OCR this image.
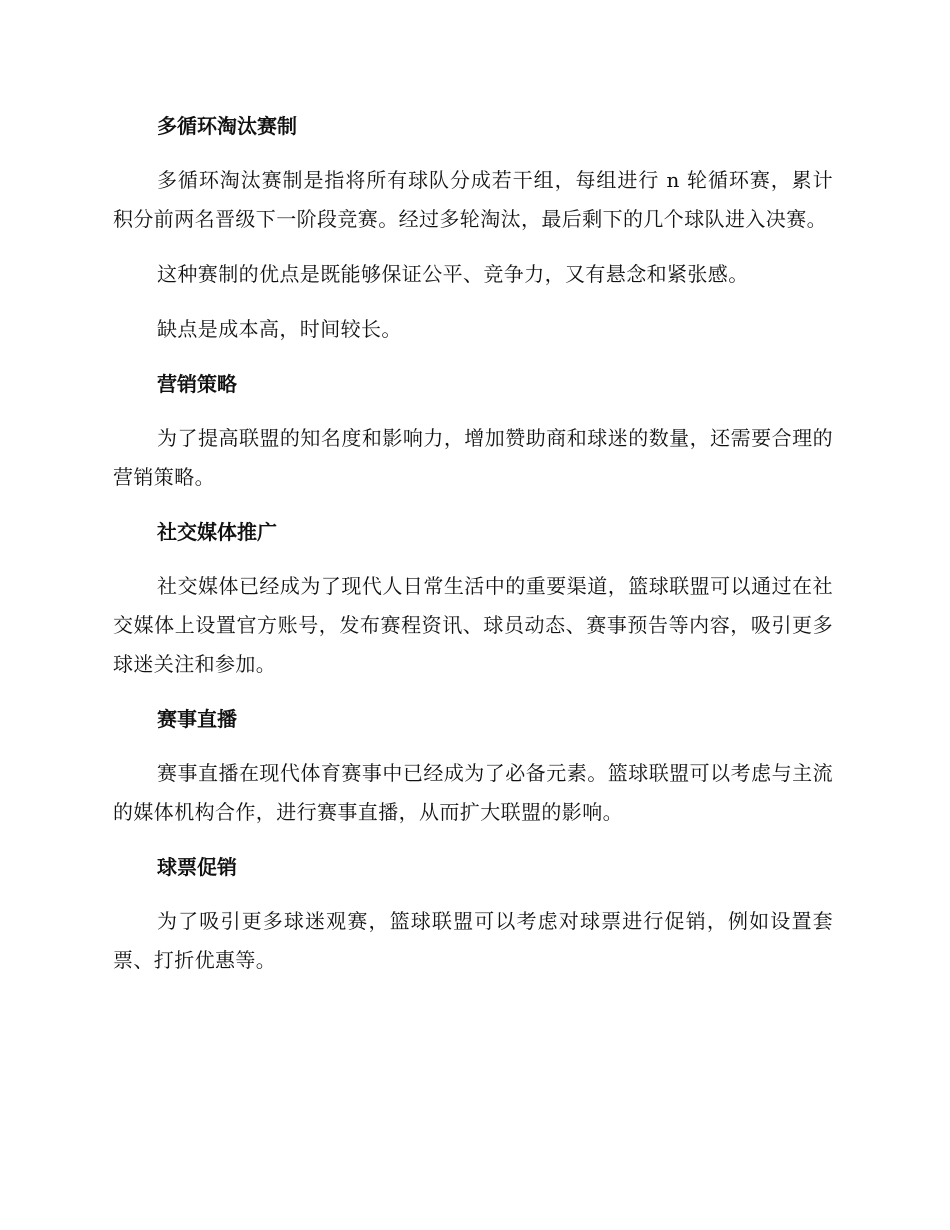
多循环淘汰赛制

多循环淘汰赛制是指将所有球队分成若干组，每组进行 n 轮循环赛，累计积分前两名晋级下一阶段竞赛。经过多轮淘汰，最后剩下的几个球队进入决赛。

这种赛制的优点是既能够保证公平、竞争力，又有悬念和紧张感。

缺点是成本高，时间较长。

营销策略

为了提高联盟的知名度和影响力，增加赞助商和球迷的数量，还需要合理的营销策略。

社交媒体推广

社交媒体已经成为了现代人日常生活中的重要渠道，篮球联盟可以通过在社交媒体上设置官方账号，发布赛程资讯、球员动态、赛事预告等内容，吸引更多球迷关注和参加。

赛事直播

赛事直播在现代体育赛事中已经成为了必备元素。篮球联盟可以考虑与主流的媒体机构合作，进行赛事直播，从而扩大联盟的影响。

球票促销

为了吸引更多球迷观赛，篮球联盟可以考虑对球票进行促销，例如设置套票、打折优惠等。
